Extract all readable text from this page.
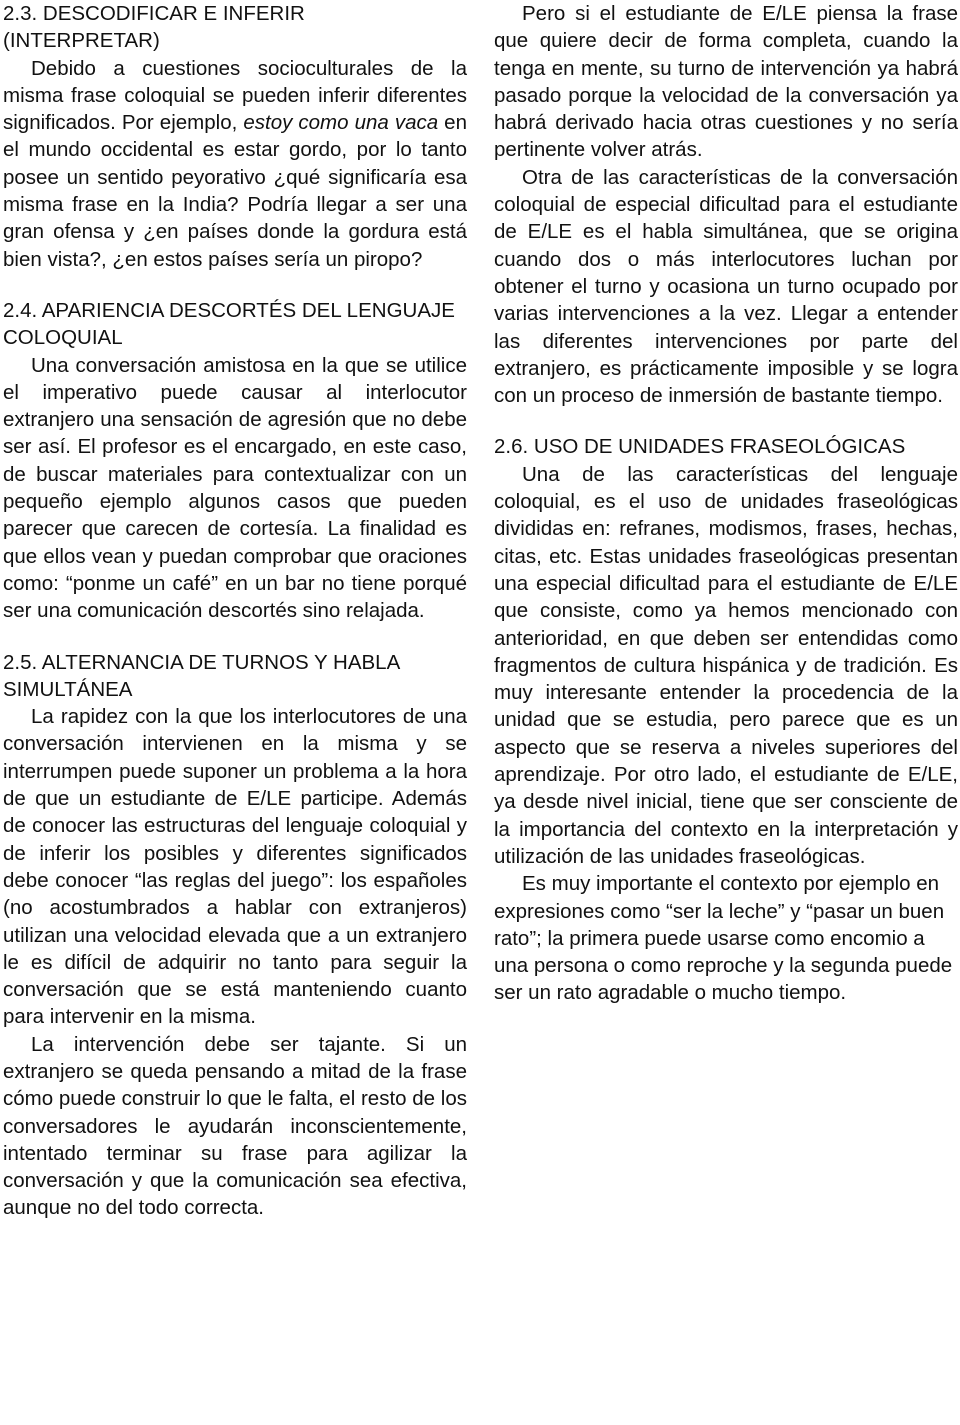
2.3. DESCODIFICAR E INFERIR (INTERPRETAR)

Debido a cuestiones socioculturales de la misma frase coloquial se pueden inferir diferentes significados. Por ejemplo, estoy como una vaca en el mundo occidental es estar gordo, por lo tanto posee un sentido peyorativo ¿qué significaría esa misma frase en la India? Podría llegar a ser una gran ofensa y ¿en países donde la gordura está bien vista?, ¿en estos países sería un piropo?

2.4. APARIENCIA DESCORTÉS DEL LENGUAJE COLOQUIAL

Una conversación amistosa en la que se utilice el imperativo puede causar al interlocutor extranjero una sensación de agresión que no debe ser así. El profesor es el encargado, en este caso, de buscar materiales para contextualizar con un pequeño ejemplo algunos casos que pueden parecer que carecen de cortesía. La finalidad es que ellos vean y puedan comprobar que oraciones como: “ponme un café” en un bar no tiene porqué ser una comunicación descortés sino relajada.

2.5. ALTERNANCIA DE TURNOS Y HABLA SIMULTÁNEA

La rapidez con la que los interlocutores de una conversación intervienen en la misma y se interrumpen puede suponer un problema a la hora de que un estudiante de E/LE participe. Además de conocer las estructuras del lenguaje coloquial y de inferir los posibles y diferentes significados debe conocer “las reglas del juego”: los españoles (no acostumbrados a hablar con extranjeros) utilizan una velocidad elevada que a un extranjero le es difícil de adquirir no tanto para seguir la conversación que se está manteniendo cuanto para intervenir en la misma.

La intervención debe ser tajante. Si un extranjero se queda pensando a mitad de la frase cómo puede construir lo que le falta, el resto de los conversadores le ayudarán inconscientemente, intentado terminar su frase para agilizar la conversación y que la comunicación sea efectiva, aunque no del todo correcta.

Pero si el estudiante de E/LE piensa la frase que quiere decir de forma completa, cuando la tenga en mente, su turno de intervención ya habrá pasado porque la velocidad de la conversación ya habrá derivado hacia otras cuestiones y no sería pertinente volver atrás.

Otra de las características de la conversación coloquial de especial dificultad para el estudiante de E/LE es el habla simultánea, que se origina cuando dos o más interlocutores luchan por obtener el turno y ocasiona un turno ocupado por varias intervenciones a la vez. Llegar a entender las diferentes intervenciones por parte del extranjero, es prácticamente imposible y se logra con un proceso de inmersión de bastante tiempo.

2.6. USO DE UNIDADES FRASEOLÓGICAS

Una de las características del lenguaje coloquial, es el uso de unidades fraseológicas divididas en: refranes, modismos, frases, hechas, citas, etc. Estas unidades fraseológicas presentan una especial dificultad para el estudiante de E/LE que consiste, como ya hemos mencionado con anterioridad, en que deben ser entendidas como fragmentos de cultura hispánica y de tradición. Es muy interesante entender la procedencia de la unidad que se estudia, pero parece que es un aspecto que se reserva a niveles superiores del aprendizaje. Por otro lado, el estudiante de E/LE, ya desde nivel inicial, tiene que ser consciente de la importancia del contexto en la interpretación y utilización de las unidades fraseológicas.

Es muy importante el contexto por ejemplo en expresiones como “ser la leche” y “pasar un buen rato”; la primera puede usarse como encomio a una persona o como reproche y la segunda puede ser un rato agradable o mucho tiempo.
